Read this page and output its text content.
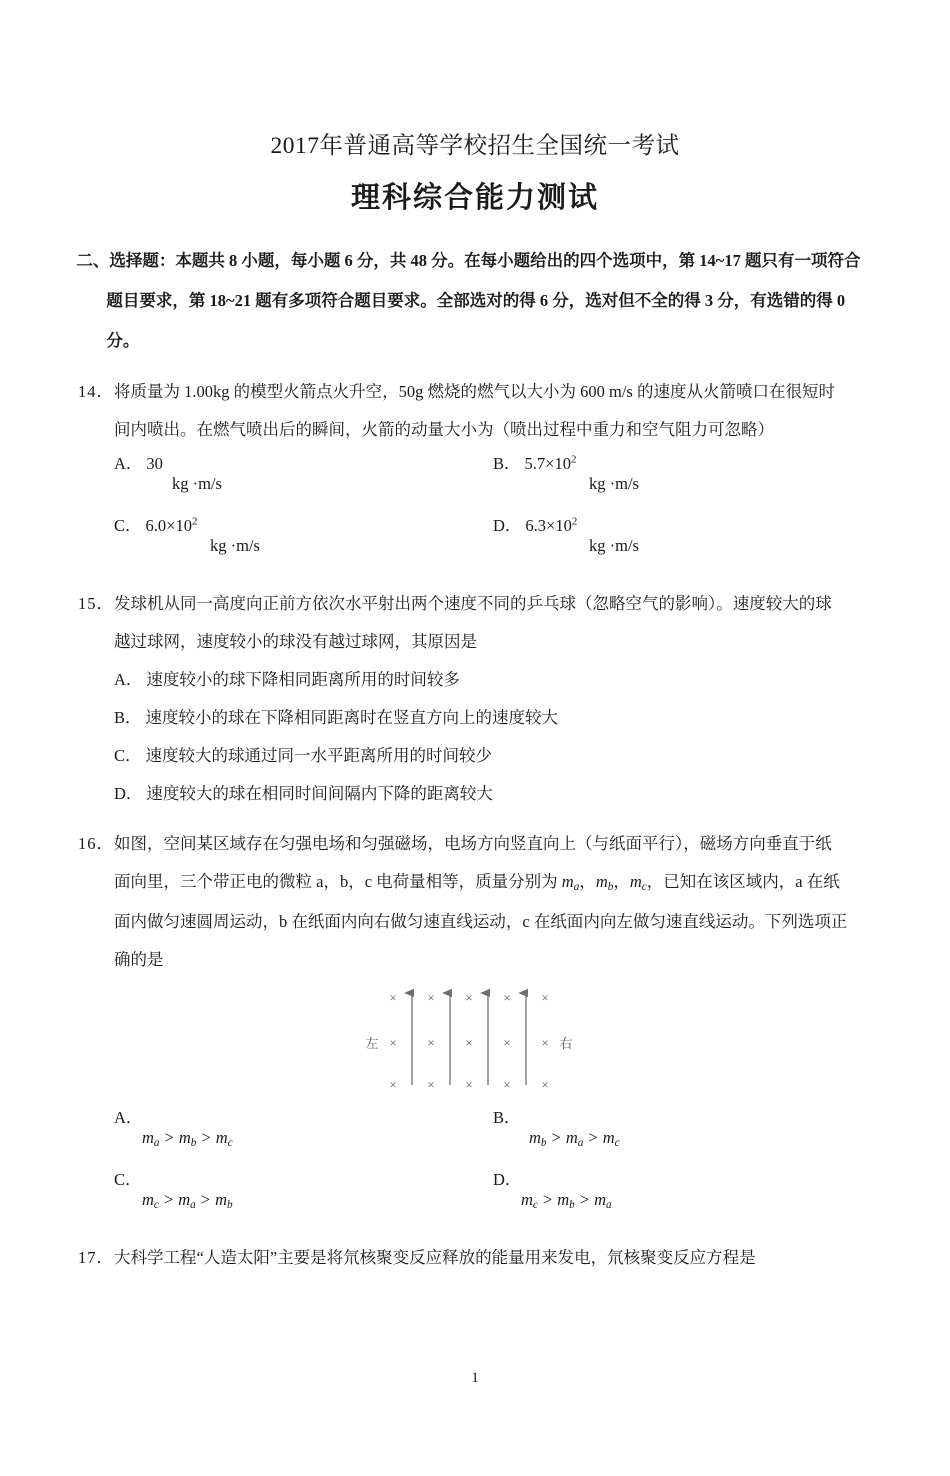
2017年普通高等学校招生全国统一考试
理科综合能力测试
二、选择题：本题共 8 小题，每小题 6 分，共 48 分。在每小题给出的四个选项中，第 14~17 题只有一项符合
题目要求，第 18~21 题有多项符合题目要求。全部选对的得 6 分，选对但不全的得 3 分，有选错的得 0
分。
14． 将质量为 1.00kg 的模型火箭点火升空，50g 燃烧的燃气以大小为 600 m/s 的速度从火箭喷口在很短时

间内喷出。在燃气喷出后的瞬间，火箭的动量大小为（喷出过程中重力和空气阻力可忽略）

A． 30
kg ·m/s
B． $5.7\times 10^2$
kg ·m/s
C． $6.0\times 10^2$
kg ·m/s
D． $6.3\times 10^2$
kg ·m/s
15． 发球机从同一高度向正前方依次水平射出两个速度不同的乒乓球（忽略空气的影响）。速度较大的球

越过球网，速度较小的球没有越过球网，其原因是

A． 速度较小的球下降相同距离所用的时间较多
B． 速度较小的球在下降相同距离时在竖直方向上的速度较大
C． 速度较大的球通过同一水平距离所用的时间较少
D． 速度较大的球在相同时间间隔内下降的距离较大
16． 如图，空间某区域存在匀强电场和匀强磁场，电场方向竖直向上（与纸面平行），磁场方向垂直于纸

面向里，三个带正电的微粒 a，b，c 电荷量相等，质量分别为 $m_a$，$m_b$，$m_c$，已知在该区域内，a 在纸

面内做匀速圆周运动，b 在纸面内向右做匀速直线运动，c 在纸面内向左做匀速直线运动。下列选项正

确的是

× × × × ×
× × × × ×
× × × × ×
左	右
A．
$m_a > m_b > m_c$
B．
$m_b > m_a > m_c$
C．
$m_c > m_a > m_b$
D．
$m_c > m_b > m_a$
17． 大科学工程“人造太阳”主要是将氘核聚变反应释放的能量用来发电，氘核聚变反应方程是

1
